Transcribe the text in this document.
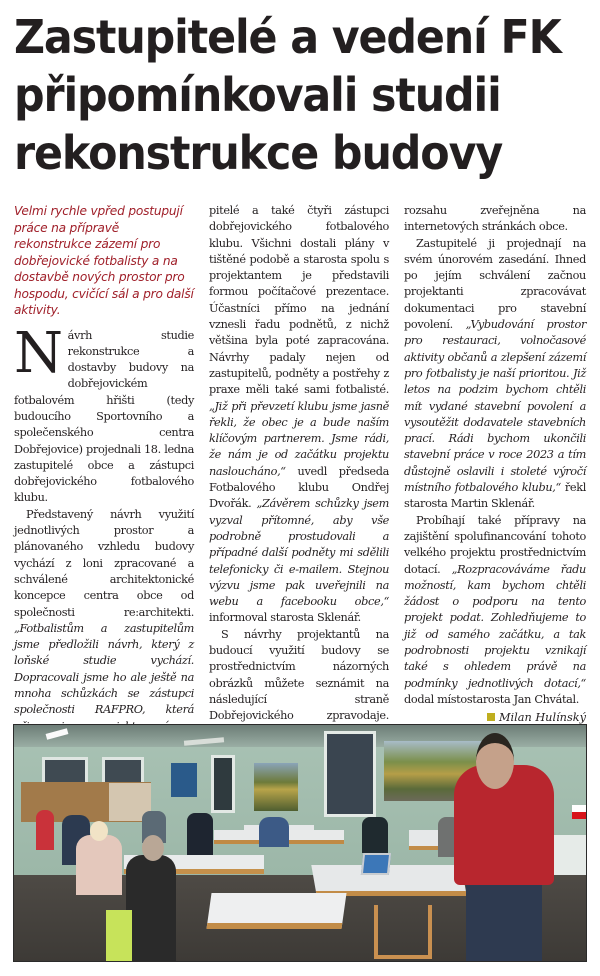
Zastupitelé a vedení FK
připomínkovali studii
rekonstrukce budovy

Velmi rychle vpřed postupují práce na přípravě rekonstrukce zázemí pro dobřejovické fotbalisty a na dostavbě nových prostor pro hospodu, cvičící sál a pro další aktivity.

Návrh studie rekonstrukce a dostavby budovy na dobřejovickém fotbalovém hřišti (tedy budoucího Sportovního a společenského centra Dobřejovice) projednali 18. ledna zastupitelé obce a zástupci dobřejovického fotbalového klubu.

Představený návrh využití jednotlivých prostor a plánovaného vzhledu budovy vychází z loni zpracované a schválené architektonické koncepce centra obce od společnosti re:architekti. „Fotbalistům a zastupitelům jsme předložili návrh, který z loňské studie vychází. Dopracovali jsme ho ale ještě na mnoha schůzkách se zástupci společnosti RAFPRO, která

pitelé a také čtyři zástupci dobřejovického fotbalového klubu. Všichni dostali plány v tištěné podobě a starosta spolu s projektantem je představili formou počítačové prezentace. Účastníci přímo na jednání vznesli řadu podnětů, z nichž většina byla poté zapracována. Návrhy padaly nejen od zastupitelů, podněty a postřehy z praxe měli také sami fotbalisté. „Již při převzetí klubu jsme jasně řekli, že obec je a bude naším klíčovým partnerem. Jsme rádi, že nám je od začátku projektu nasloucháno,“ uvedl předseda Fotbalového klubu Ondřej Dvořák. „Závěrem schůzky jsem vyzval přítomné, aby vše podrobně prostudovali a případné další podněty mi sdělili telefonicky či e-mailem. Stejnou výzvu jsme pak uveřejnili na webu a facebooku obce,“ informoval starosta Sklenář.

S návrhy projektantů na budoucí využití budovy se prostřednictvím názorných obrázků můžete seznámit na následující straně Dobřejovického zpravodaje.

rozsahu zveřejněna na internetových stránkách obce.

Zastupitelé ji projednají na svém únorovém zasedání. Ihned po jejím schválení začnou projektanti zpracovávat dokumentaci pro stavební povolení. „Vybudování prostor pro restauraci, volnočasové aktivity občanů a zlepšení zázemí pro fotbalisty je naší prioritou. Již letos na podzim bychom chtěli mít vydané stavební povolení a vysoutěžit dodavatele stavebních prací. Rádi bychom ukončili stavební práce v roce 2023 a tím důstojně oslavili i stoleté výročí místního fotbalového klubu,“ řekl starosta Martin Sklenář.

Probíhají také přípravy na zajištění spolufinancování tohoto velkého projektu prostřednictvím dotací. „Rozpracováváme řadu možností, kam bychom chtěli žádost o podporu na tento projekt podat. Zohledňujeme to již od samého začátku, a tak podrobnosti projektu vznikají také s ohledem právě na podmínky jednotlivých dotací,“ dodal místostarosta Jan Chvátal.

Milan Hulínský
